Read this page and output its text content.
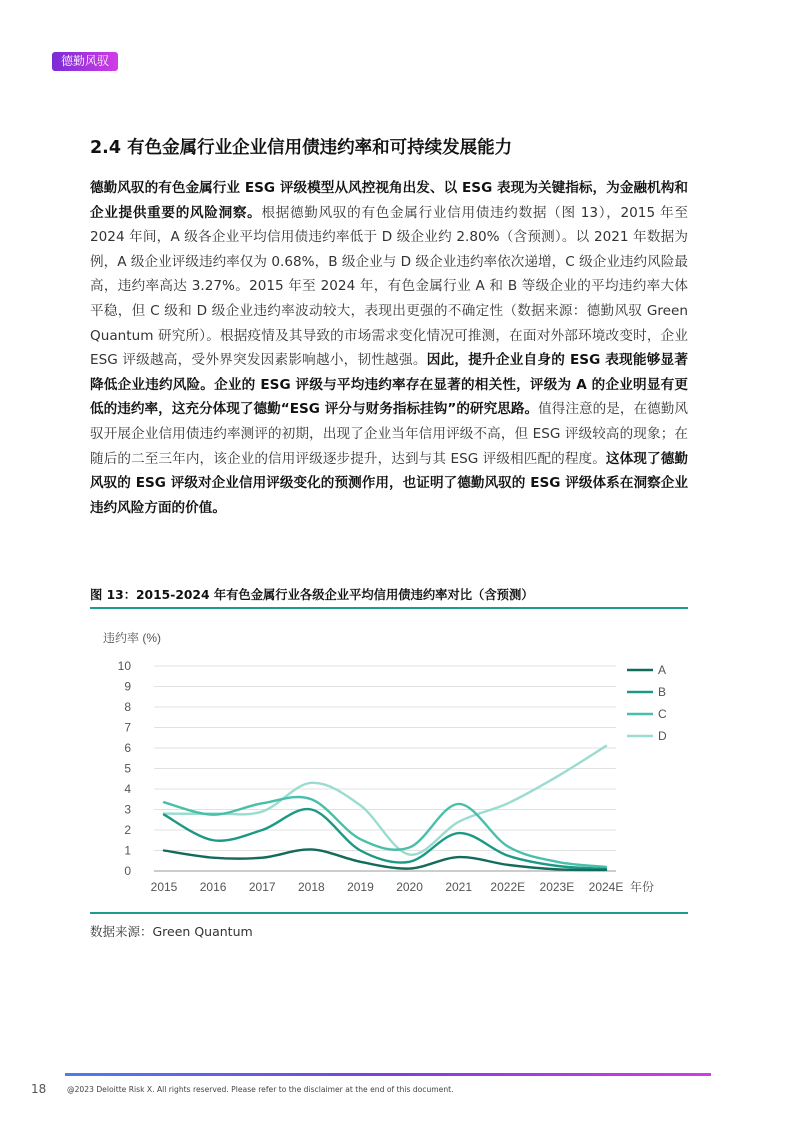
德勤风驭
2.4 有色金属行业企业信用债违约率和可持续发展能力

德勤风驭的有色金属行业 ESG 评级模型从风控视角出发、以 ESG 表现为关键指标，为金融机构和企业提供重要的风险洞察。根据德勤风驭的有色金属行业信用债违约数据（图 13），2015 年至 2024 年间，A 级各企业平均信用债违约率低于 D 级企业约 2.80%（含预测）。以 2021 年数据为例，A 级企业评级违约率仅为 0.68%，B 级企业与 D 级企业违约率依次递增，C 级企业违约风险最高，违约率高达 3.27%。2015 年至 2024 年，有色金属行业 A 和 B 等级企业的平均违约率大体平稳，但 C 级和 D 级企业违约率波动较大，表现出更强的不确定性（数据来源：德勤风驭 Green Quantum 研究所）。根据疫情及其导致的市场需求变化情况可推测，在面对外部环境改变时，企业 ESG 评级越高，受外界突发因素影响越小，韧性越强。因此，提升企业自身的 ESG 表现能够显著降低企业违约风险。企业的 ESG 评级与平均违约率存在显著的相关性，评级为 A 的企业明显有更低的违约率，这充分体现了德勤“ESG 评分与财务指标挂钩”的研究思路。值得注意的是，在德勤风驭开展企业信用债违约率测评的初期，出现了企业当年信用评级不高，但 ESG 评级较高的现象；在随后的二至三年内，该企业的信用评级逐步提升，达到与其 ESG 评级相匹配的程度。这体现了德勤风驭的 ESG 评级对企业信用评级变化的预测作用，也证明了德勤风驭的 ESG 评级体系在洞察企业违约风险方面的价值。

图 13：2015-2024 年有色金属行业各级企业平均信用债违约率对比（含预测）
违约率 (%)
0
1
2
3
4
5
6
7
8
9
10
2015 2016 2017 2018 2019 2020 2021 2022E 2023E 2024E 年份
A
B
C
D
数据来源：Green Quantum
18	@2023 Deloitte Risk X. All rights reserved. Please refer to the disclaimer at the end of this document.
